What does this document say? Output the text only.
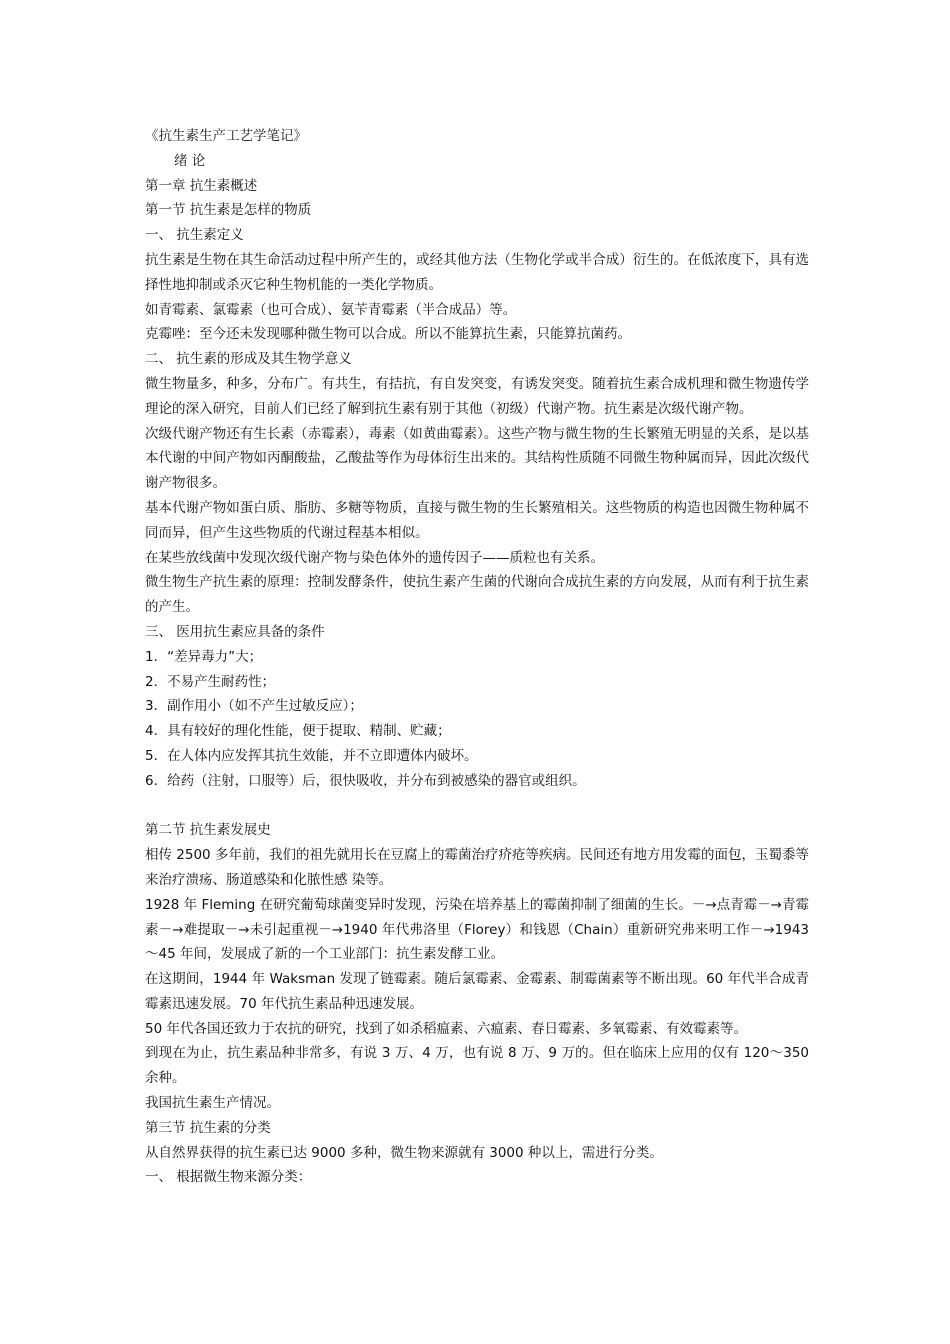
《抗生素生产工艺学笔记》
绪 论
第一章 抗生素概述
第一节 抗生素是怎样的物质
一、 抗生素定义
抗生素是生物在其生命活动过程中所产生的，或经其他方法（生物化学或半合成）衍生的。在低浓度下，具有选择性地抑制或杀灭它种生物机能的一类化学物质。
如青霉素、氯霉素（也可合成）、氨苄青霉素（半合成品）等。
克霉唑：至今还未发现哪种微生物可以合成。所以不能算抗生素，只能算抗菌药。
二、 抗生素的形成及其生物学意义
微生物量多，种多，分布广。有共生，有拮抗，有自发突变，有诱发突变。随着抗生素合成机理和微生物遗传学理论的深入研究，目前人们已经了解到抗生素有别于其他（初级）代谢产物。抗生素是次级代谢产物。
次级代谢产物还有生长素（赤霉素），毒素（如黄曲霉素）。这些产物与微生物的生长繁殖无明显的关系，是以基本代谢的中间产物如丙酮酸盐，乙酸盐等作为母体衍生出来的。其结构性质随不同微生物种属而异，因此次级代谢产物很多。
基本代谢产物如蛋白质、脂肪、多糖等物质，直接与微生物的生长繁殖相关。这些物质的构造也因微生物种属不同而异，但产生这些物质的代谢过程基本相似。
在某些放线菌中发现次级代谢产物与染色体外的遗传因子——质粒也有关系。
微生物生产抗生素的原理：控制发酵条件，使抗生素产生菌的代谢向合成抗生素的方向发展，从而有利于抗生素的产生。
三、 医用抗生素应具备的条件
1．“差异毒力”大；
2．不易产生耐药性；
3．副作用小（如不产生过敏反应）；
4．具有较好的理化性能，便于提取、精制、贮藏；
5．在人体内应发挥其抗生效能，并不立即遭体内破坏。
6．给药（注射，口服等）后，很快吸收，并分布到被感染的器官或组织。
第二节 抗生素发展史
相传 2500 多年前，我们的祖先就用长在豆腐上的霉菌治疗疥疮等疾病。民间还有地方用发霉的面包，玉蜀黍等来治疗溃疡、肠道感染和化脓性感 染等。
1928 年 Fleming 在研究葡萄球菌变异时发现，污染在培养基上的霉菌抑制了细菌的生长。－→点青霉－→青霉素－→难提取－→未引起重视－→1940 年代弗洛里（Florey）和钱恩（Chain）重新研究弗来明工作－→1943～45 年间，发展成了新的一个工业部门：抗生素发酵工业。
在这期间，1944 年 Waksman 发现了链霉素。随后氯霉素、金霉素、制霉菌素等不断出现。60 年代半合成青霉素迅速发展。70 年代抗生素品种迅速发展。
50 年代各国还致力于农抗的研究，找到了如杀稻瘟素、六瘟素、春日霉素、多氧霉素、有效霉素等。
到现在为止，抗生素品种非常多，有说 3 万、4 万，也有说 8 万、9 万的。但在临床上应用的仅有 120～350 余种。
我国抗生素生产情况。
第三节 抗生素的分类
从自然界获得的抗生素已达 9000 多种，微生物来源就有 3000 种以上，需进行分类。
一、 根据微生物来源分类：
